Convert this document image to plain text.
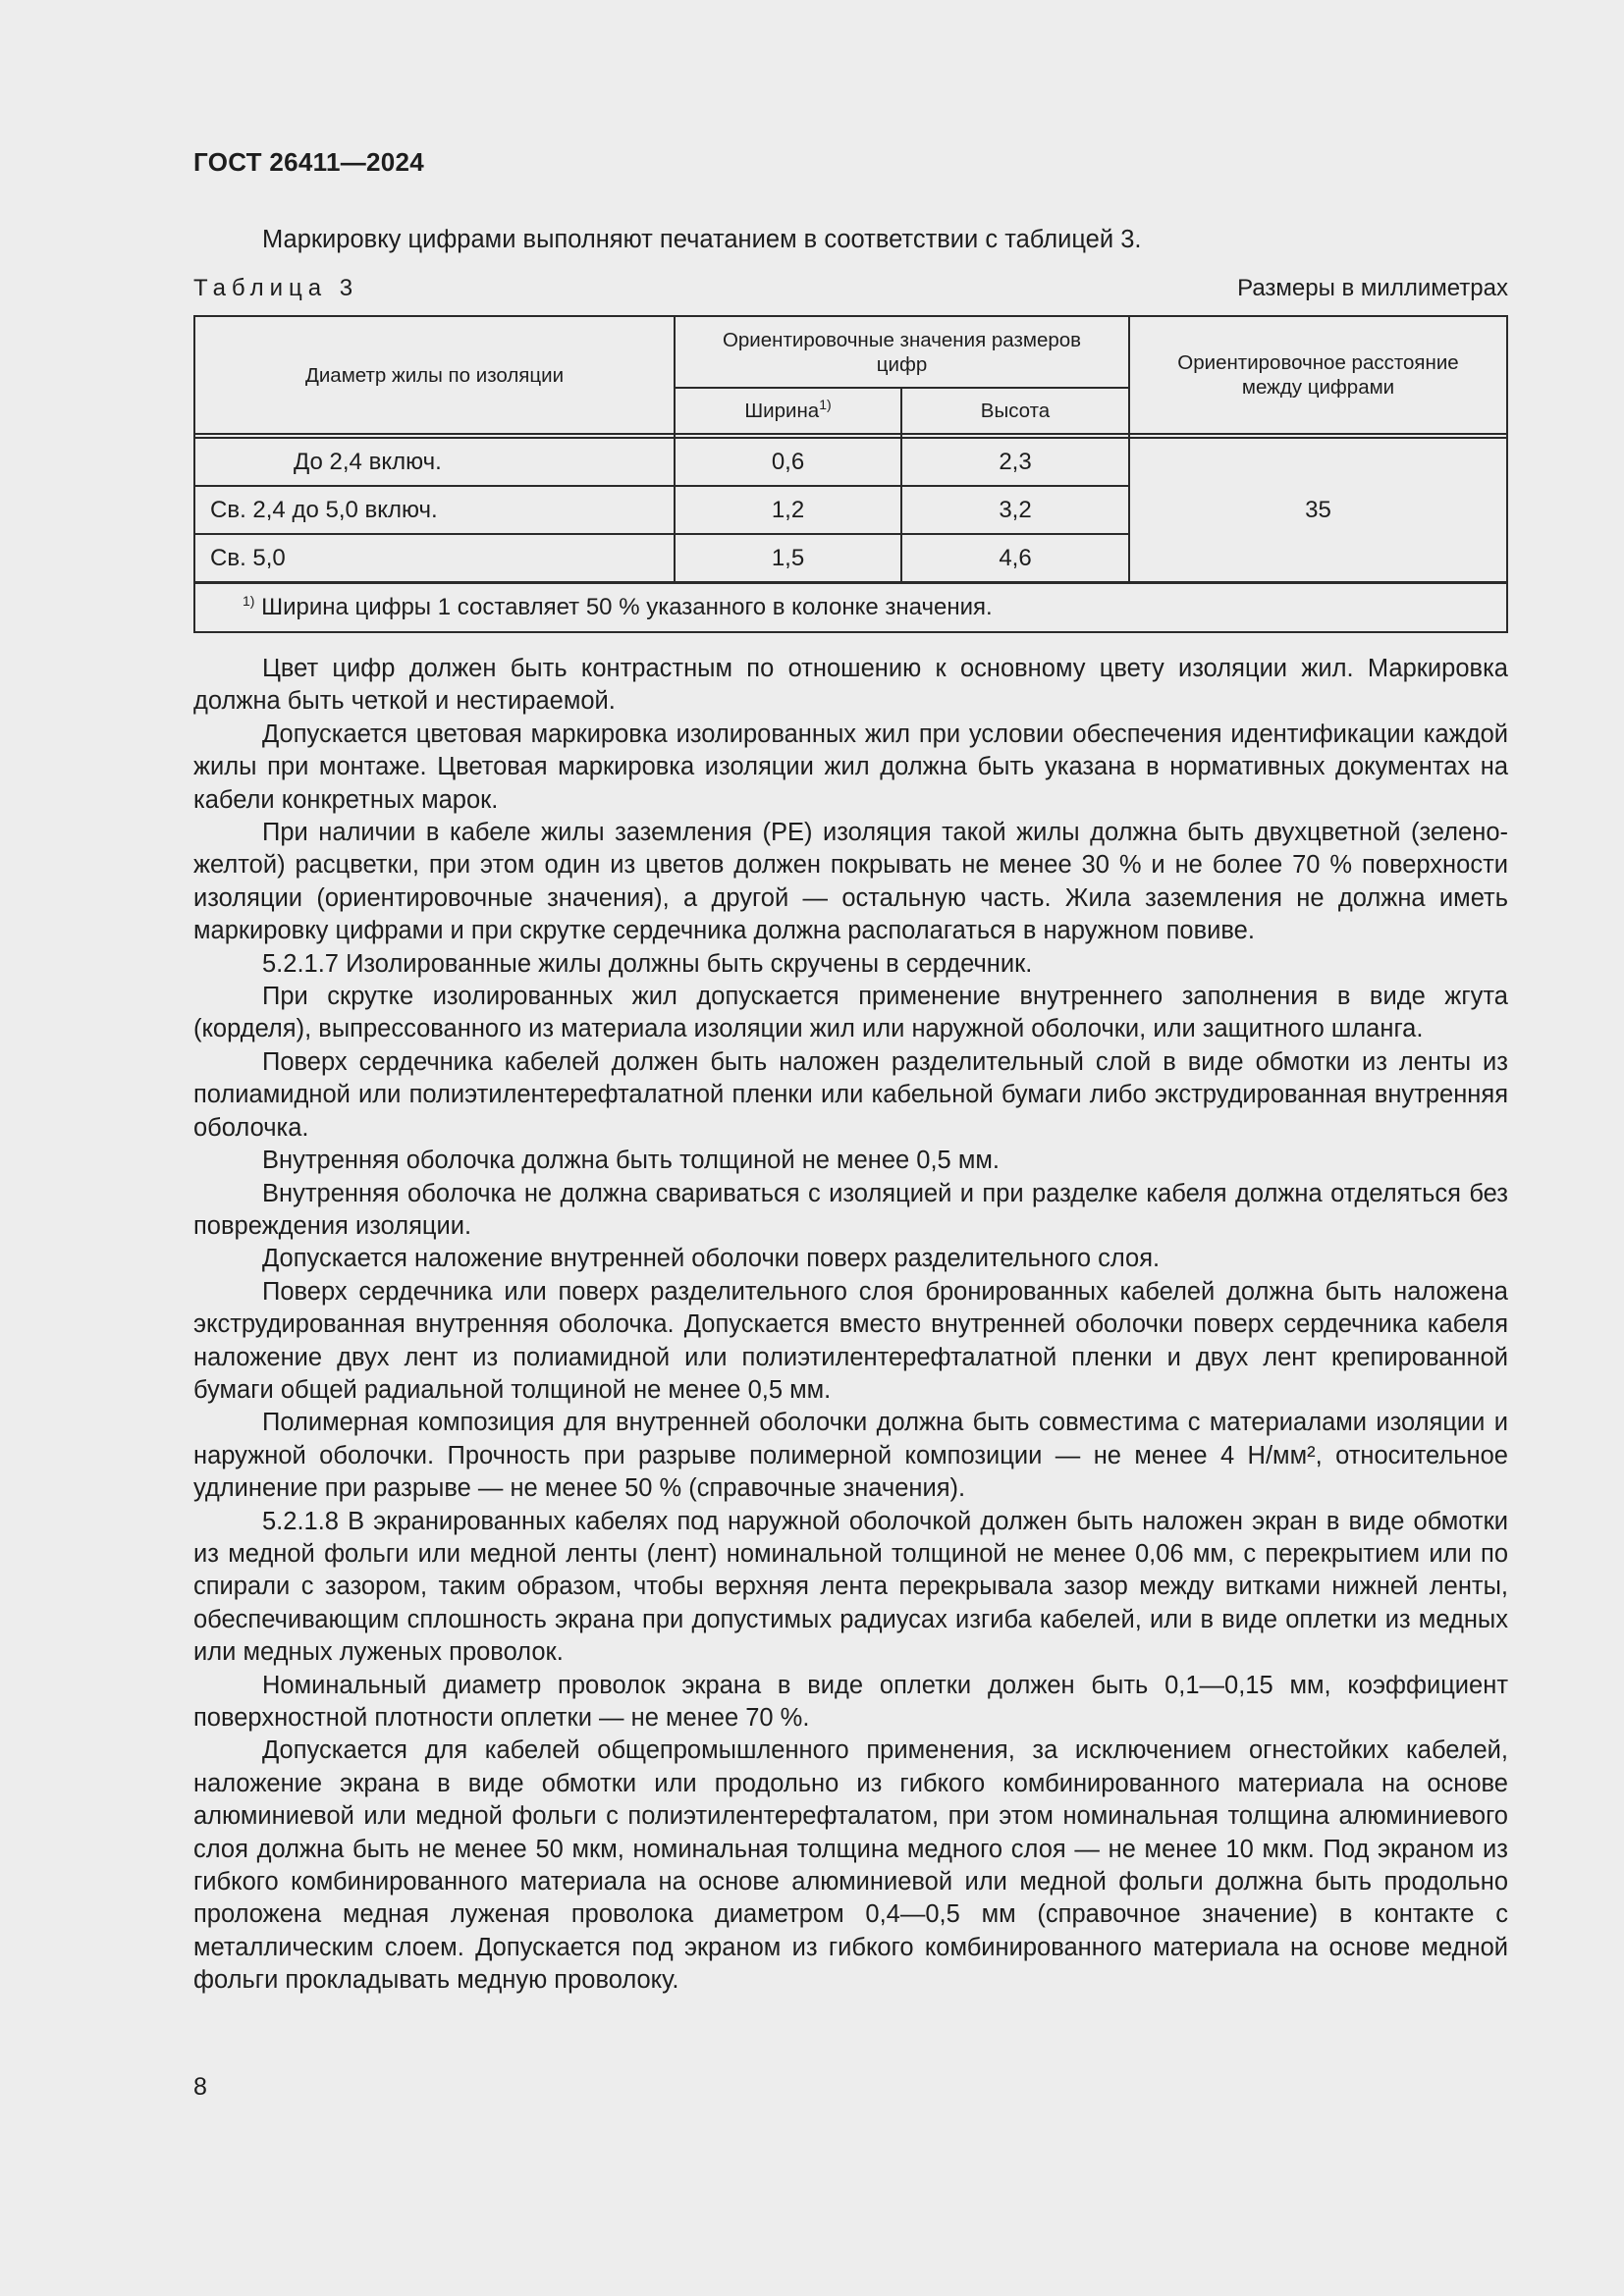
ГОСТ 26411—2024
Маркировку цифрами выполняют печатанием в соответствии с таблицей 3.
Таблица 3	Размеры в миллиметрах
Диаметр жилы по изоляции
Ориентировочные значения размеров цифр
Ширина$^{1)}$	Высота
Ориентировочное расстояние между цифрами
До 2,4 включ.	0,6	2,3
Св. 2,4 до 5,0 включ.	1,2	3,2
Св. 5,0	1,5	4,6
35
$^{1)}$ Ширина цифры 1 составляет 50 % указанного в колонке значения.

Цвет цифр должен быть контрастным по отношению к основному цвету изоляции жил. Маркировка должна быть четкой и нестираемой.

Допускается цветовая маркировка изолированных жил при условии обеспечения идентификации каждой жилы при монтаже. Цветовая маркировка изоляции жил должна быть указана в нормативных документах на кабели конкретных марок.

При наличии в кабеле жилы заземления (PE) изоляция такой жилы должна быть двухцветной (зелено-желтой) расцветки, при этом один из цветов должен покрывать не менее 30 % и не более 70 % поверхности изоляции (ориентировочные значения), а другой — остальную часть. Жила заземления не должна иметь маркировку цифрами и при скрутке сердечника должна располагаться в наружном повиве.

5.2.1.7 Изолированные жилы должны быть скручены в сердечник.

При скрутке изолированных жил допускается применение внутреннего заполнения в виде жгута (корделя), выпрессованного из материала изоляции жил или наружной оболочки, или защитного шланга.

Поверх сердечника кабелей должен быть наложен разделительный слой в виде обмотки из ленты из полиамидной или полиэтилентерефталатной пленки или кабельной бумаги либо экструдированная внутренняя оболочка.

Внутренняя оболочка должна быть толщиной не менее 0,5 мм.

Внутренняя оболочка не должна свариваться с изоляцией и при разделке кабеля должна отделяться без повреждения изоляции.

Допускается наложение внутренней оболочки поверх разделительного слоя.

Поверх сердечника или поверх разделительного слоя бронированных кабелей должна быть наложена экструдированная внутренняя оболочка. Допускается вместо внутренней оболочки поверх сердечника кабеля наложение двух лент из полиамидной или полиэтилентерефталатной пленки и двух лент крепированной бумаги общей радиальной толщиной не менее 0,5 мм.

Полимерная композиция для внутренней оболочки должна быть совместима с материалами изоляции и наружной оболочки. Прочность при разрыве полимерной композиции — не менее 4 Н/мм², относительное удлинение при разрыве — не менее 50 % (справочные значения).

5.2.1.8 В экранированных кабелях под наружной оболочкой должен быть наложен экран в виде обмотки из медной фольги или медной ленты (лент) номинальной толщиной не менее 0,06 мм, с перекрытием или по спирали с зазором, таким образом, чтобы верхняя лента перекрывала зазор между витками нижней ленты, обеспечивающим сплошность экрана при допустимых радиусах изгиба кабелей, или в виде оплетки из медных или медных луженых проволок.

Номинальный диаметр проволок экрана в виде оплетки должен быть 0,1—0,15 мм, коэффициент поверхностной плотности оплетки — не менее 70 %.

Допускается для кабелей общепромышленного применения, за исключением огнестойких кабелей, наложение экрана в виде обмотки или продольно из гибкого комбинированного материала на основе алюминиевой или медной фольги с полиэтилентерефталатом, при этом номинальная толщина алюминиевого слоя должна быть не менее 50 мкм, номинальная толщина медного слоя — не менее 10 мкм. Под экраном из гибкого комбинированного материала на основе алюминиевой или медной фольги должна быть продольно проложена медная луженая проволока диаметром 0,4—0,5 мм (справочное значение) в контакте с металлическим слоем. Допускается под экраном из гибкого комбинированного материала на основе медной фольги прокладывать медную проволоку.

8
